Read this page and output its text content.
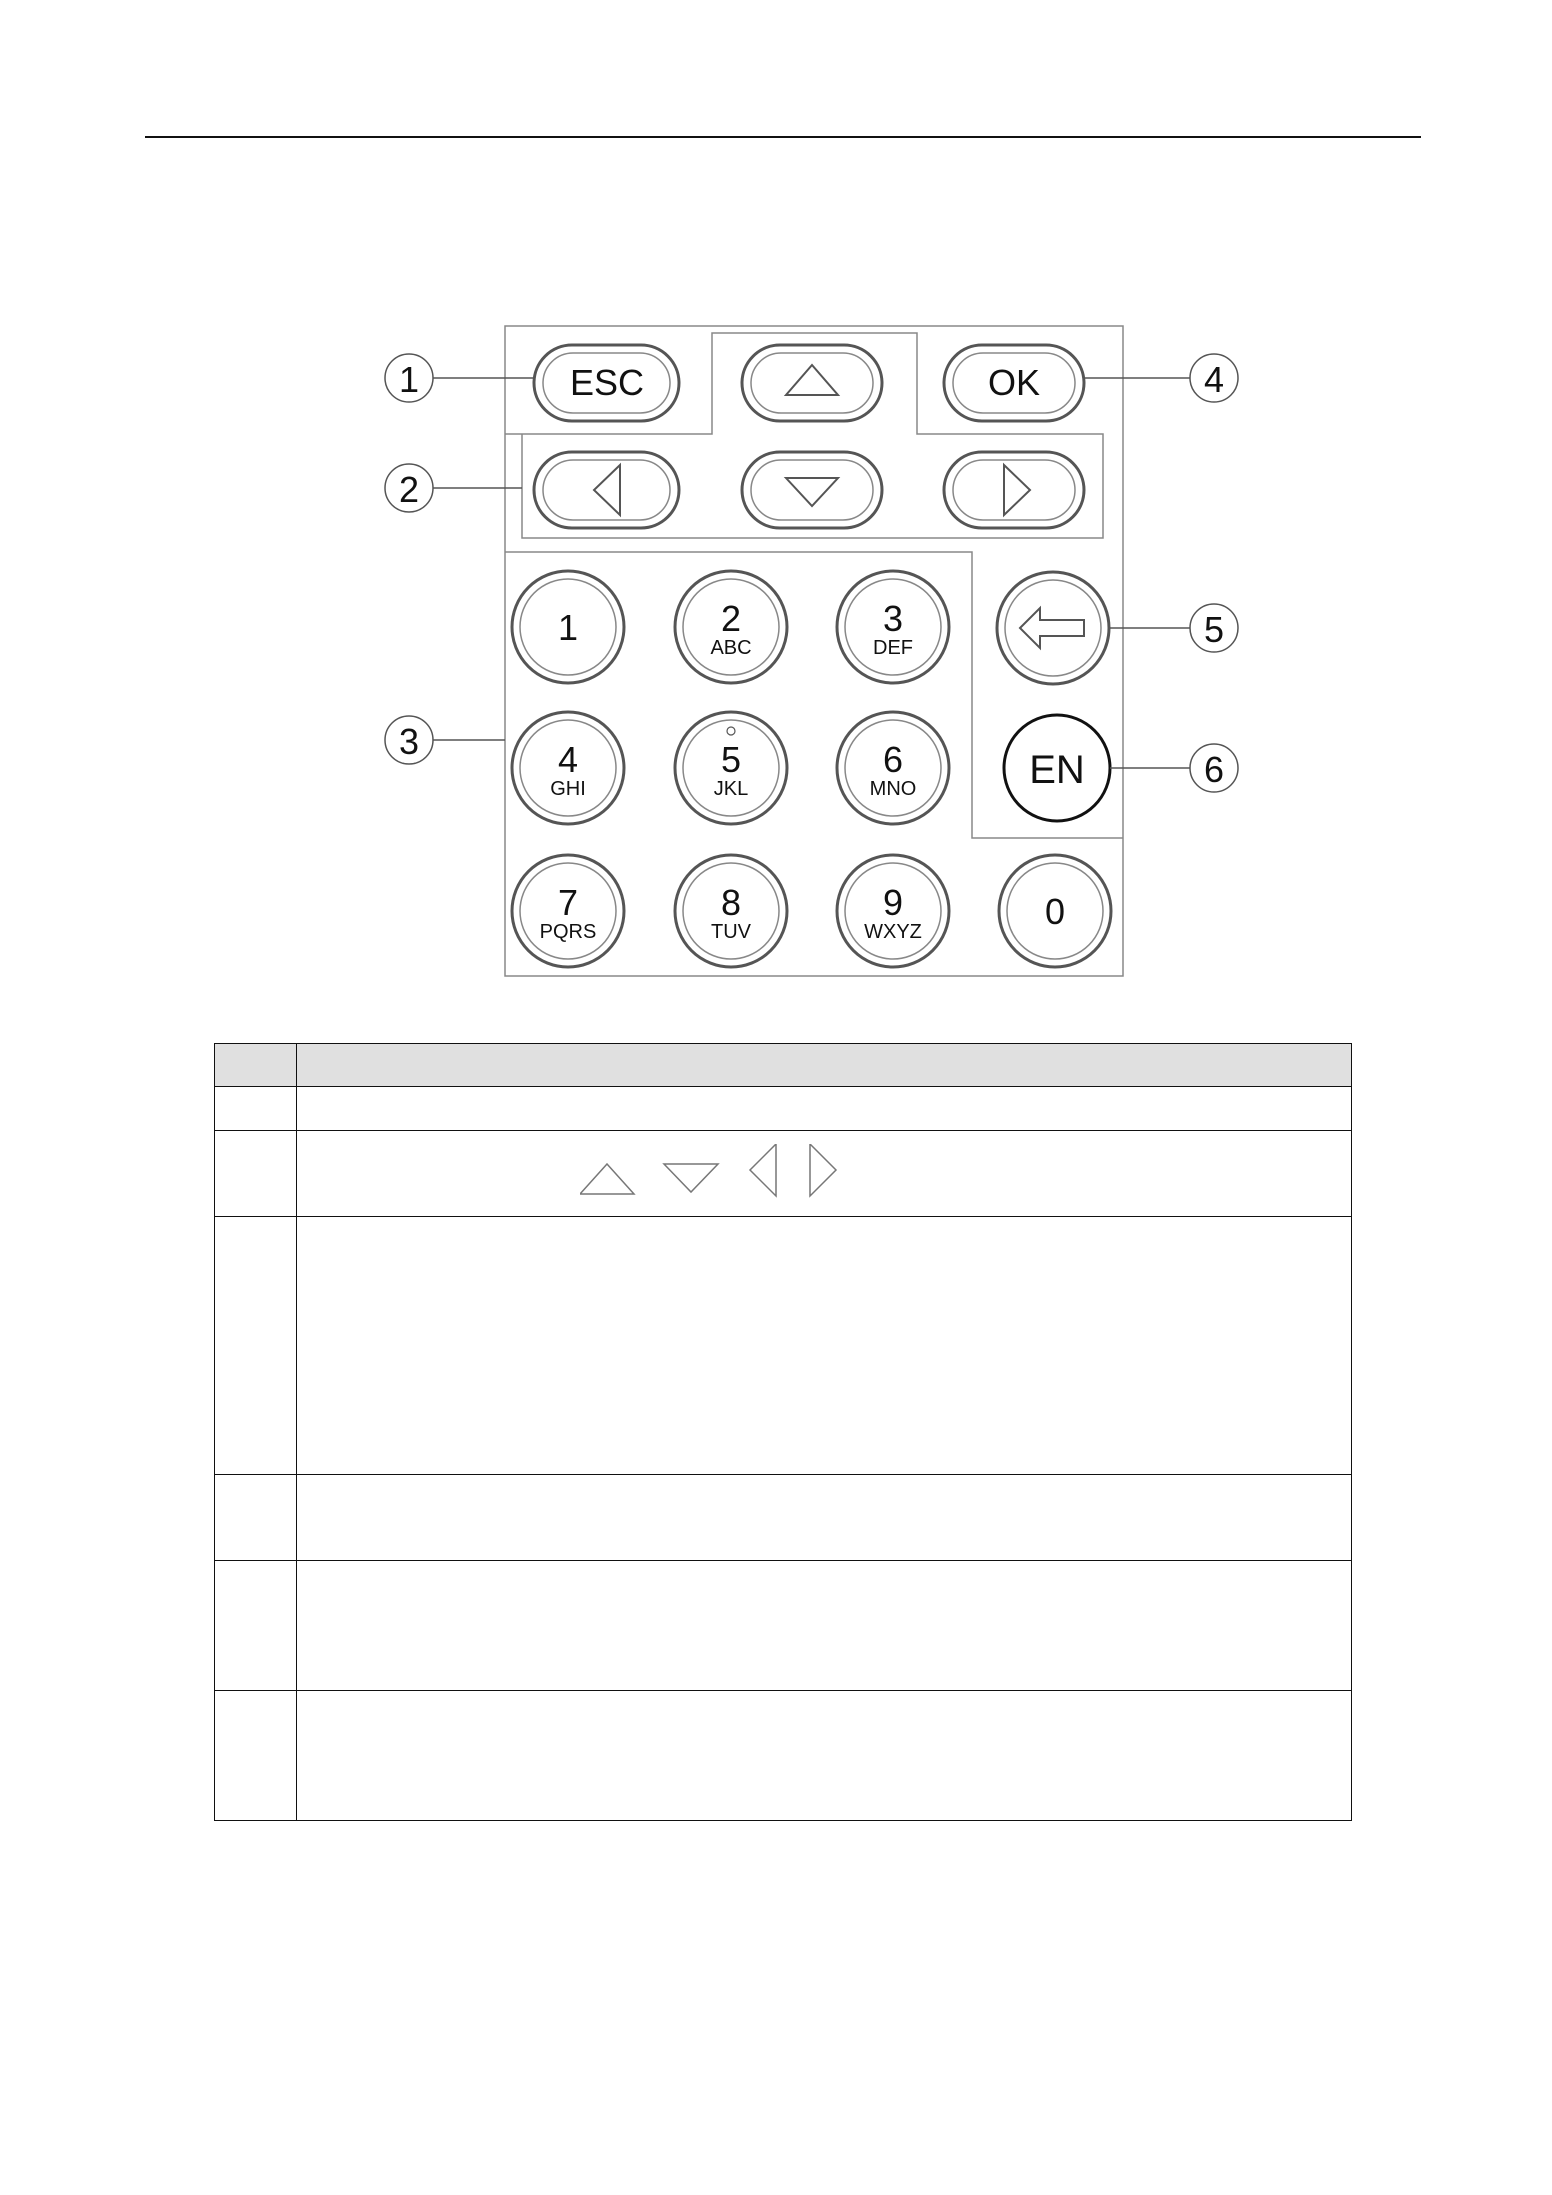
ESC	OK
1	2
ABC
3
DEF
4
GHI
5
JKL
6
MNO
7
PQRS
8
TUV
9
WXYZ	0
EN
1
2
3
4
5
6
